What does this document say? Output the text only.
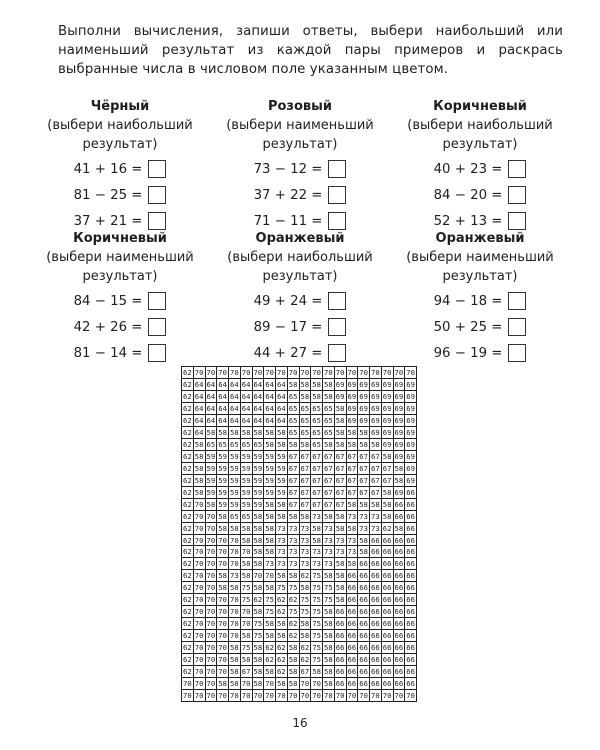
Выполни вычисления, запиши ответы, выбери наибольший или наименьший результат из каждой пары примеров и раскрась выбранные числа в числовом поле указанным цветом.

Чёрный
(выбери наибольший результат)
41 + 16 =
81 − 25 =
37 + 21 =
Розовый
(выбери наименьший результат)
73 − 12 =
37 + 22 =
71 − 11 =
Коричневый
(выбери наибольший результат)
40 + 23 =
84 − 20 =
52 + 13 =
Коричневый
(выбери наименьший результат)
84 − 15 =
42 + 26 =
81 − 14 =
Оранжевый
(выбери наибольший результат)
49 + 24 =
89 − 17 =
44 + 27 =
Оранжевый
(выбери наименьший результат)
94 − 18 =
50 + 25 =
96 − 19 =
62 70 70 70 70 70 70 70 70 70 70 70 70 70 70 70 70 70 70 70
62 64 64 64 64 64 64 64 64 58 58 58 58 69 69 69 69 69 69 69
62 64 64 64 64 64 64 64 64 65 58 58 58 69 69 69 69 69 69 69
62 64 64 64 64 64 64 64 64 65 65 65 65 58 69 69 69 69 69 69
62 64 64 64 64 64 64 64 64 65 65 65 65 58 69 69 69 69 69 69
62 64 58 58 58 58 58 58 58 65 65 65 65 58 58 58 69 69 69 69
62 58 65 65 65 65 65 58 58 58 58 65 58 58 58 58 58 69 69 69
62 58 59 59 59 59 59 59 59 67 67 67 67 67 67 67 67 58 69 69
62 58 59 59 59 59 59 59 59 67 67 67 67 67 67 67 67 67 58 69
62 58 59 59 59 59 59 59 59 67 67 67 67 67 67 67 67 67 58 69
62 58 59 59 59 59 59 59 59 67 67 67 67 67 67 67 67 58 69 66
62 70 58 59 59 59 59 58 58 67 67 67 67 67 58 58 58 58 66 66
62 70 70 58 65 65 58 58 58 58 58 73 58 58 73 73 73 58 66 66
62 70 70 58 58 58 58 58 73 73 73 58 73 58 58 73 73 62 58 66
62 70 70 70 70 58 58 58 73 73 73 58 73 73 73 58 66 66 66 66
62 70 70 70 70 70 58 58 73 73 73 73 73 73 73 58 66 66 66 66
62 70 70 70 70 58 58 73 73 73 73 73 73 58 58 66 66 66 66 66
62 70 70 58 73 58 70 70 58 58 62 75 58 58 66 66 66 66 66 66
62 70 70 58 58 75 58 58 75 75 58 75 75 58 66 66 66 66 66 66
62 70 70 70 70 75 62 75 62 62 75 75 75 58 66 66 66 66 66 66
62 70 70 70 70 70 58 75 62 75 75 75 58 66 66 66 66 66 66 66
62 70 70 70 70 70 75 58 58 62 58 75 58 66 66 66 66 66 66 66
62 70 70 70 70 58 75 58 58 62 58 75 58 66 66 66 66 66 66 66
62 70 70 70 58 75 58 62 62 58 62 75 58 66 66 66 66 66 66 66
62 70 70 70 58 58 58 62 62 58 62 75 58 66 66 66 66 66 66 66
62 70 70 70 58 67 58 58 62 58 67 58 58 66 66 66 66 66 66 66
70 70 70 58 58 70 58 70 58 58 70 70 58 66 66 66 66 66 66 66
70 70 70 70 70 70 70 70 70 70 70 70 70 70 70 70 70 70 70 70
16
